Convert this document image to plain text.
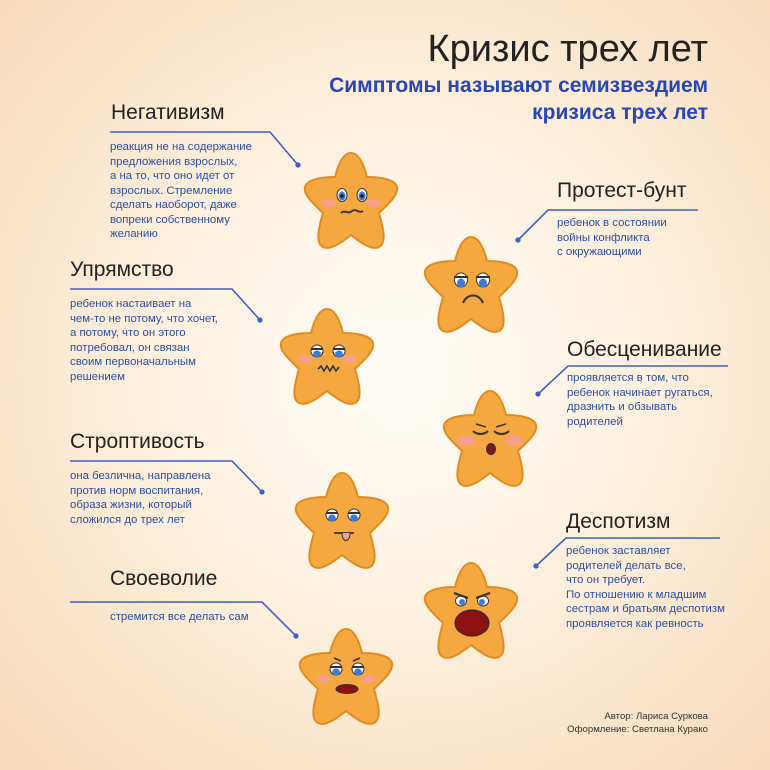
Кризис трех лет
Симптомы называют семизвездием
кризиса трех лет
Негативизм
реакция не на содержание
предложения взрослых,
а на то, что оно идет от
взрослых. Стремление
сделать наоборот, даже
вопреки собственному
желанию
Протест-бунт
ребенок в состоянии
войны конфликта
с окружающими
Упрямство
ребенок настаивает на
чем-то не потому, что хочет,
а потому, что он этого
потребовал, он связан
своим первоначальным
решением
Обесценивание
проявляется в том, что
ребенок начинает ругаться,
дразнить и обзывать
родителей
Строптивость
она безлична, направлена
против норм воспитания,
образа жизни, который
сложился до трех лет	Деспотизм
ребенок заставляет
родителей делать все,
что он требует.
По отношению к младшим
сестрам и братьям деспотизм
проявляется как ревность
Своеволие
стремится все делать сам
Автор: Лариса Суркова
Оформление: Светлана Курако
